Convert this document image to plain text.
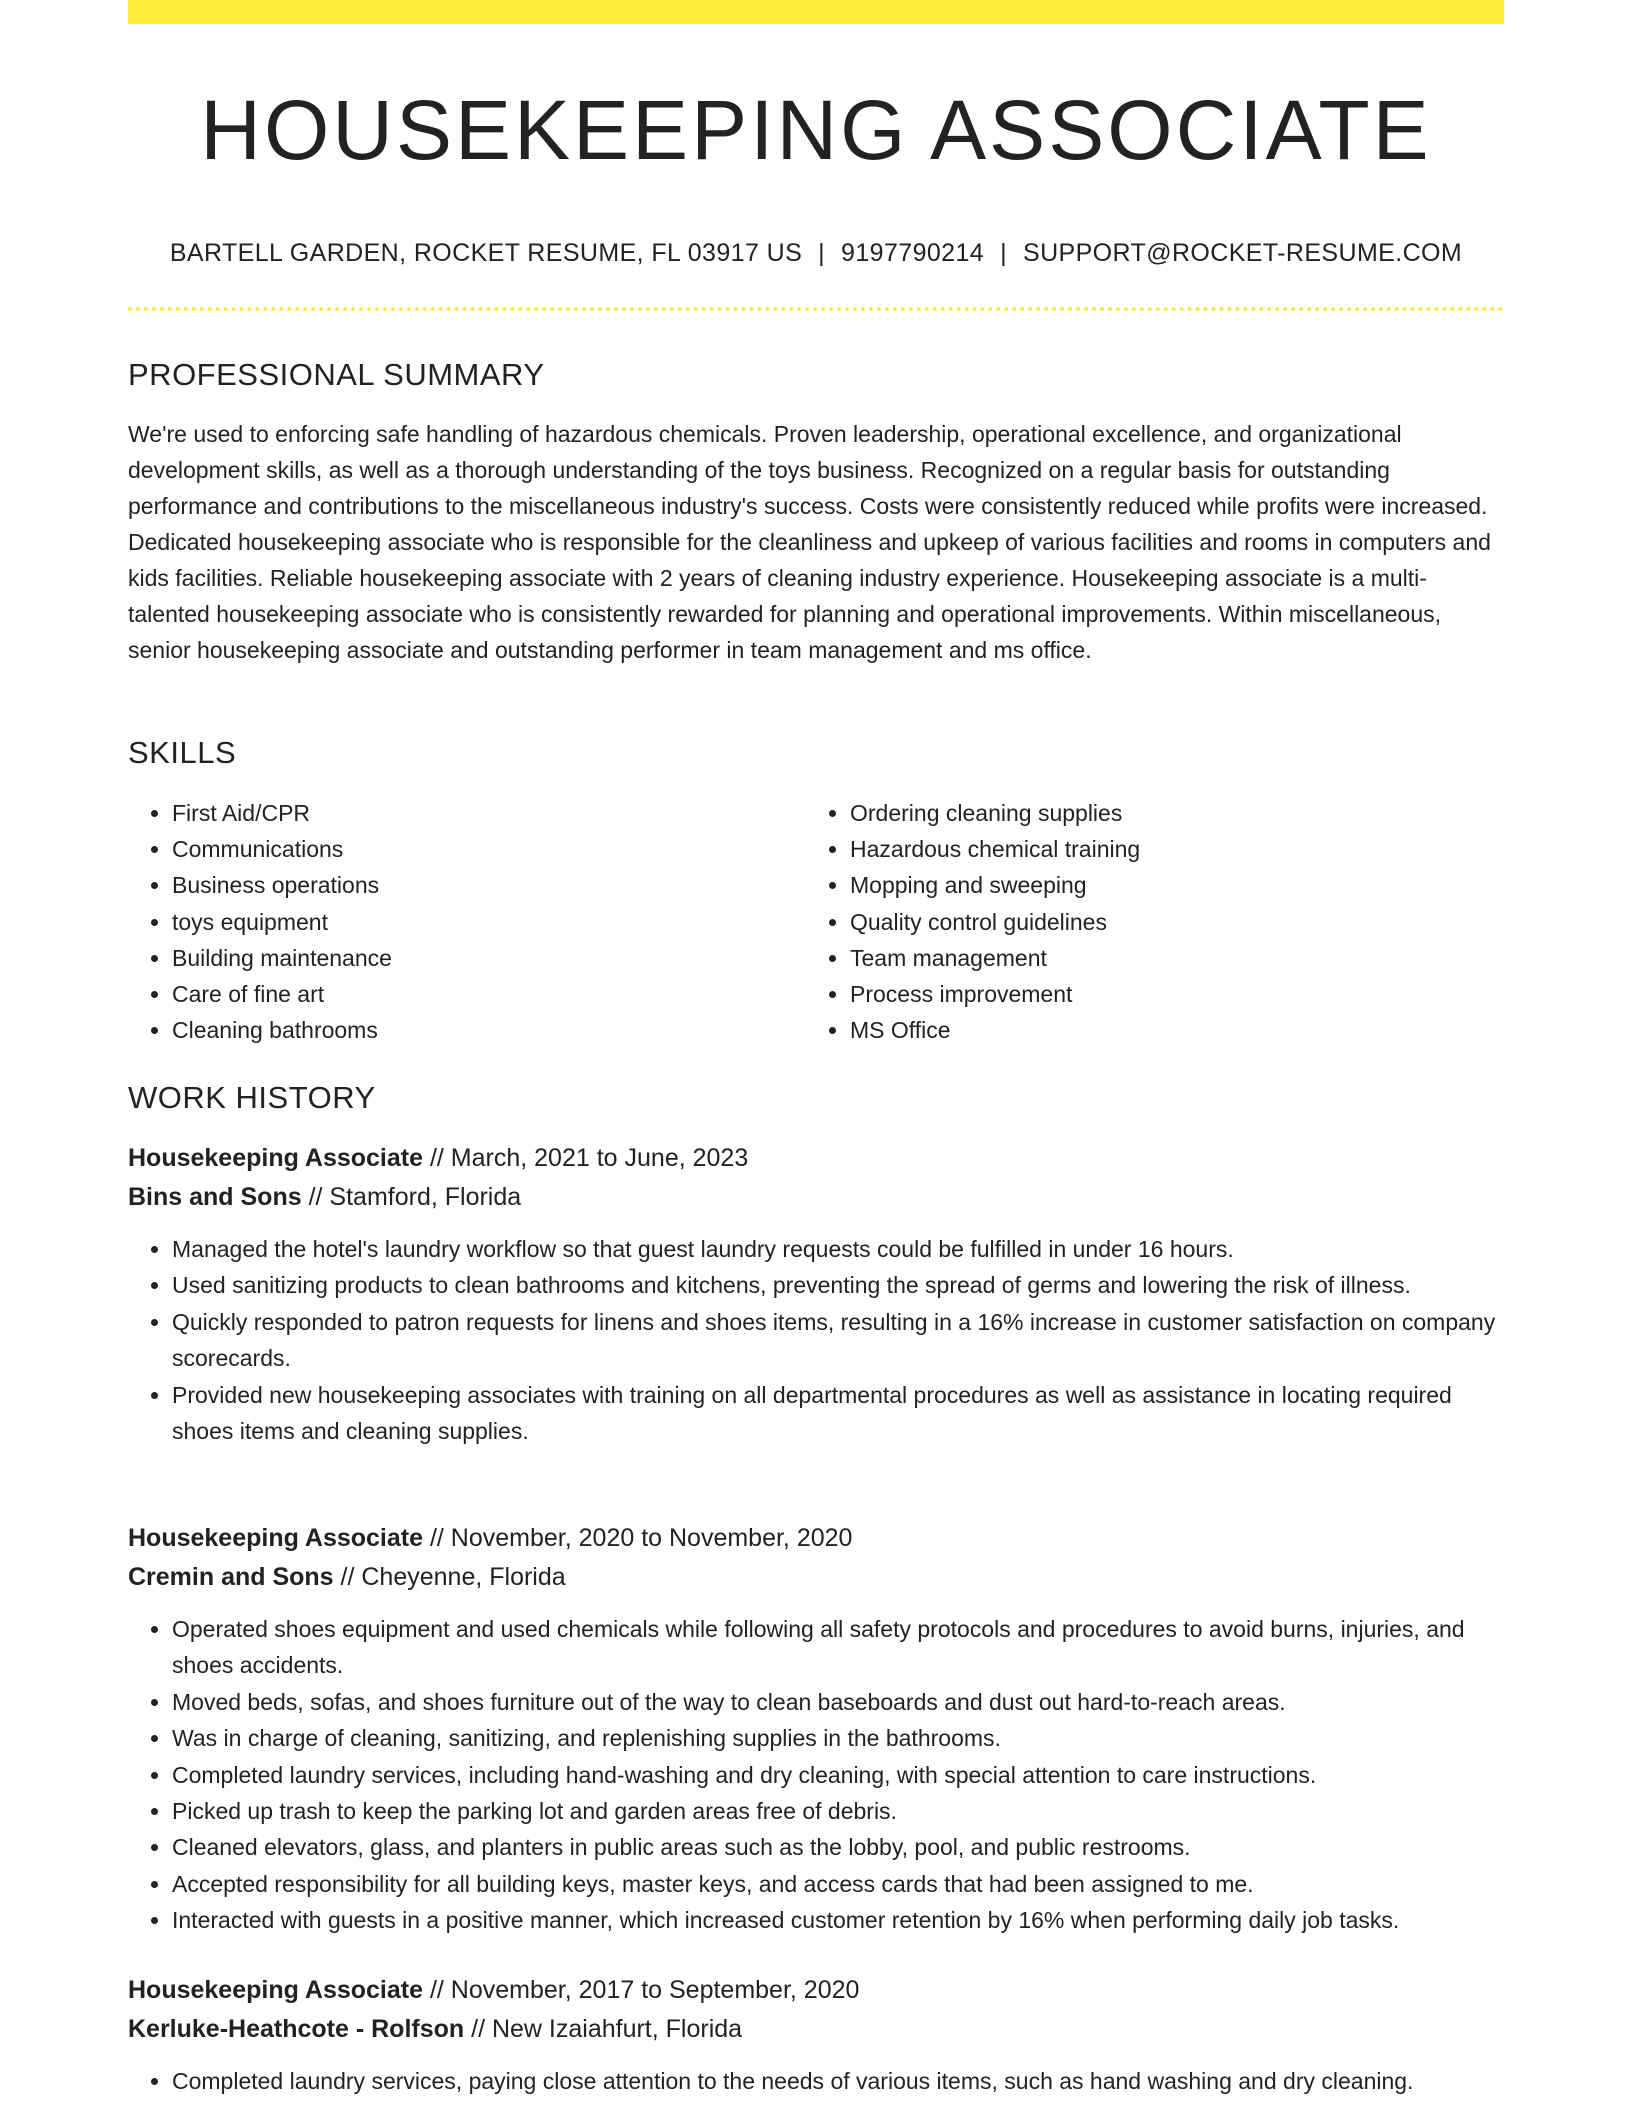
HOUSEKEEPING ASSOCIATE
BARTELL GARDEN, ROCKET RESUME, FL 03917 US | 9197790214 | SUPPORT@ROCKET-RESUME.COM
PROFESSIONAL SUMMARY

We're used to enforcing safe handling of hazardous chemicals. Proven leadership, operational excellence, and organizational development skills, as well as a thorough understanding of the toys business. Recognized on a regular basis for outstanding performance and contributions to the miscellaneous industry's success. Costs were consistently reduced while profits were increased. Dedicated housekeeping associate who is responsible for the cleanliness and upkeep of various facilities and rooms in computers and kids facilities. Reliable housekeeping associate with 2 years of cleaning industry experience. Housekeeping associate is a multi-talented housekeeping associate who is consistently rewarded for planning and operational improvements. Within miscellaneous, senior housekeeping associate and outstanding performer in team management and ms office.

SKILLS
• First Aid/CPR
• Communications
• Business operations
• toys equipment
• Building maintenance
• Care of fine art
• Cleaning bathrooms
• Ordering cleaning supplies
• Hazardous chemical training
• Mopping and sweeping
• Quality control guidelines
• Team management
• Process improvement
• MS Office
WORK HISTORY
Housekeeping Associate // March, 2021 to June, 2023
Bins and Sons // Stamford, Florida
• Managed the hotel's laundry workflow so that guest laundry requests could be fulfilled in under 16 hours.
• Used sanitizing products to clean bathrooms and kitchens, preventing the spread of germs and lowering the risk of illness.
• Quickly responded to patron requests for linens and shoes items, resulting in a 16% increase in customer satisfaction on company scorecards.
• Provided new housekeeping associates with training on all departmental procedures as well as assistance in locating required shoes items and cleaning supplies.
Housekeeping Associate // November, 2020 to November, 2020
Cremin and Sons // Cheyenne, Florida
• Operated shoes equipment and used chemicals while following all safety protocols and procedures to avoid burns, injuries, and shoes accidents.
• Moved beds, sofas, and shoes furniture out of the way to clean baseboards and dust out hard-to-reach areas.
• Was in charge of cleaning, sanitizing, and replenishing supplies in the bathrooms.
• Completed laundry services, including hand-washing and dry cleaning, with special attention to care instructions.
• Picked up trash to keep the parking lot and garden areas free of debris.
• Cleaned elevators, glass, and planters in public areas such as the lobby, pool, and public restrooms.
• Accepted responsibility for all building keys, master keys, and access cards that had been assigned to me.
• Interacted with guests in a positive manner, which increased customer retention by 16% when performing daily job tasks.
Housekeeping Associate // November, 2017 to September, 2020
Kerluke-Heathcote - Rolfson // New Izaiahfurt, Florida
• Completed laundry services, paying close attention to the needs of various items, such as hand washing and dry cleaning.
